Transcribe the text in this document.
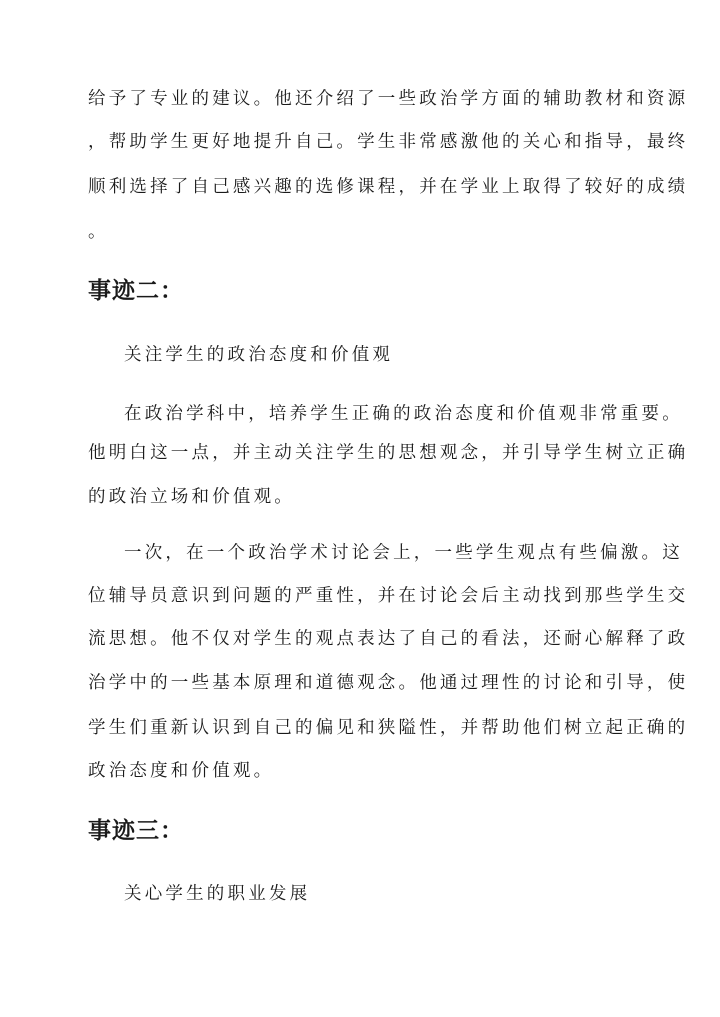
给予了专业的建议。他还介绍了一些政治学方面的辅助教材和资源
，帮助学生更好地提升自己。学生非常感激他的关心和指导，最终
顺利选择了自己感兴趣的选修课程，并在学业上取得了较好的成绩
。
事迹二：
关注学生的政治态度和价值观
在政治学科中，培养学生正确的政治态度和价值观非常重要。
他明白这一点，并主动关注学生的思想观念，并引导学生树立正确
的政治立场和价值观。
一次，在一个政治学术讨论会上，一些学生观点有些偏激。这
位辅导员意识到问题的严重性，并在讨论会后主动找到那些学生交
流思想。他不仅对学生的观点表达了自己的看法，还耐心解释了政
治学中的一些基本原理和道德观念。他通过理性的讨论和引导，使
学生们重新认识到自己的偏见和狭隘性，并帮助他们树立起正确的
政治态度和价值观。
事迹三：
关心学生的职业发展
